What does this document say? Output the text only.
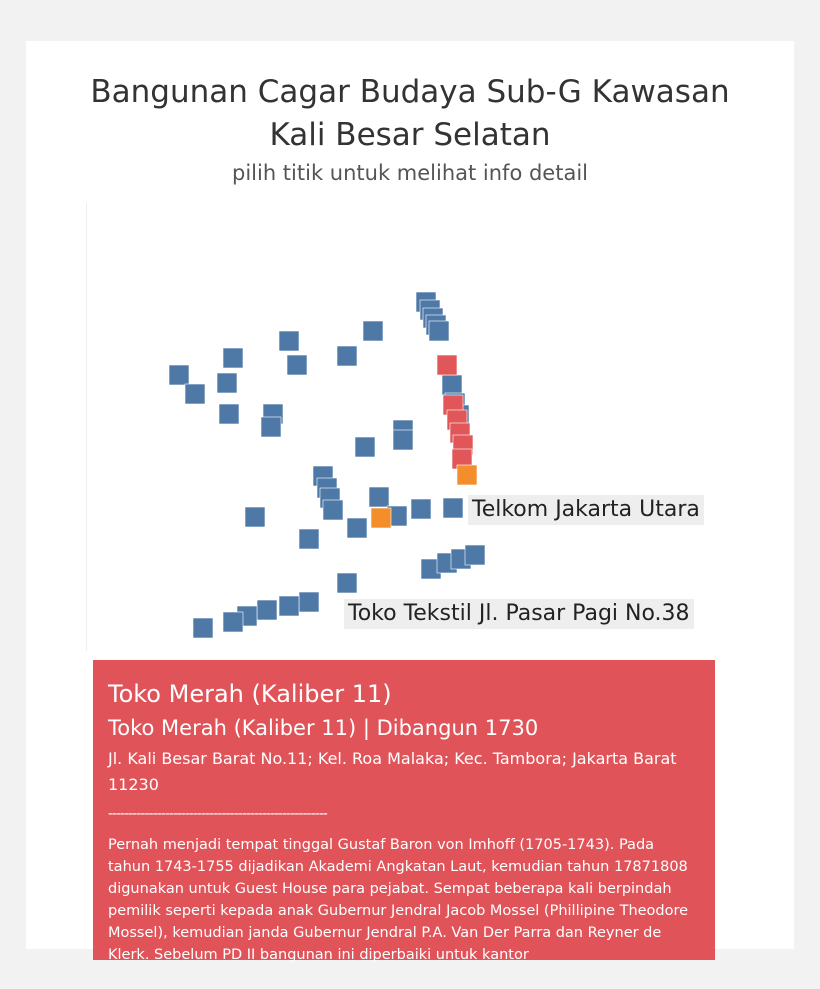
Bangunan Cagar Budaya Sub-G Kawasan
Kali Besar Selatan
pilih titik untuk melihat info detail
Telkom Jakarta Utara
Toko Tekstil Jl. Pasar Pagi No.38
Toko Merah (Kaliber 11)
Toko Merah (Kaliber 11) | Dibangun 1730
Jl. Kali Besar Barat No.11; Kel. Roa Malaka; Kec. Tambora; Jakarta Barat 11230
------------------------------------------------------
Pernah menjadi tempat tinggal Gustaf Baron von Imhoff (1705-1743). Pada tahun 1743-1755 dijadikan Akademi Angkatan Laut, kemudian tahun 17871808 digunakan untuk Guest House para pejabat. Sempat beberapa kali berpindah pemilik seperti kepada anak Gubernur Jendral Jacob Mossel (Phillipine Theodore Mossel), kemudian janda Gubernur Jendral P.A. Van Der Parra dan Reyner de Klerk. Sebelum PD II bangunan ini diperbaiki untuk kantor
